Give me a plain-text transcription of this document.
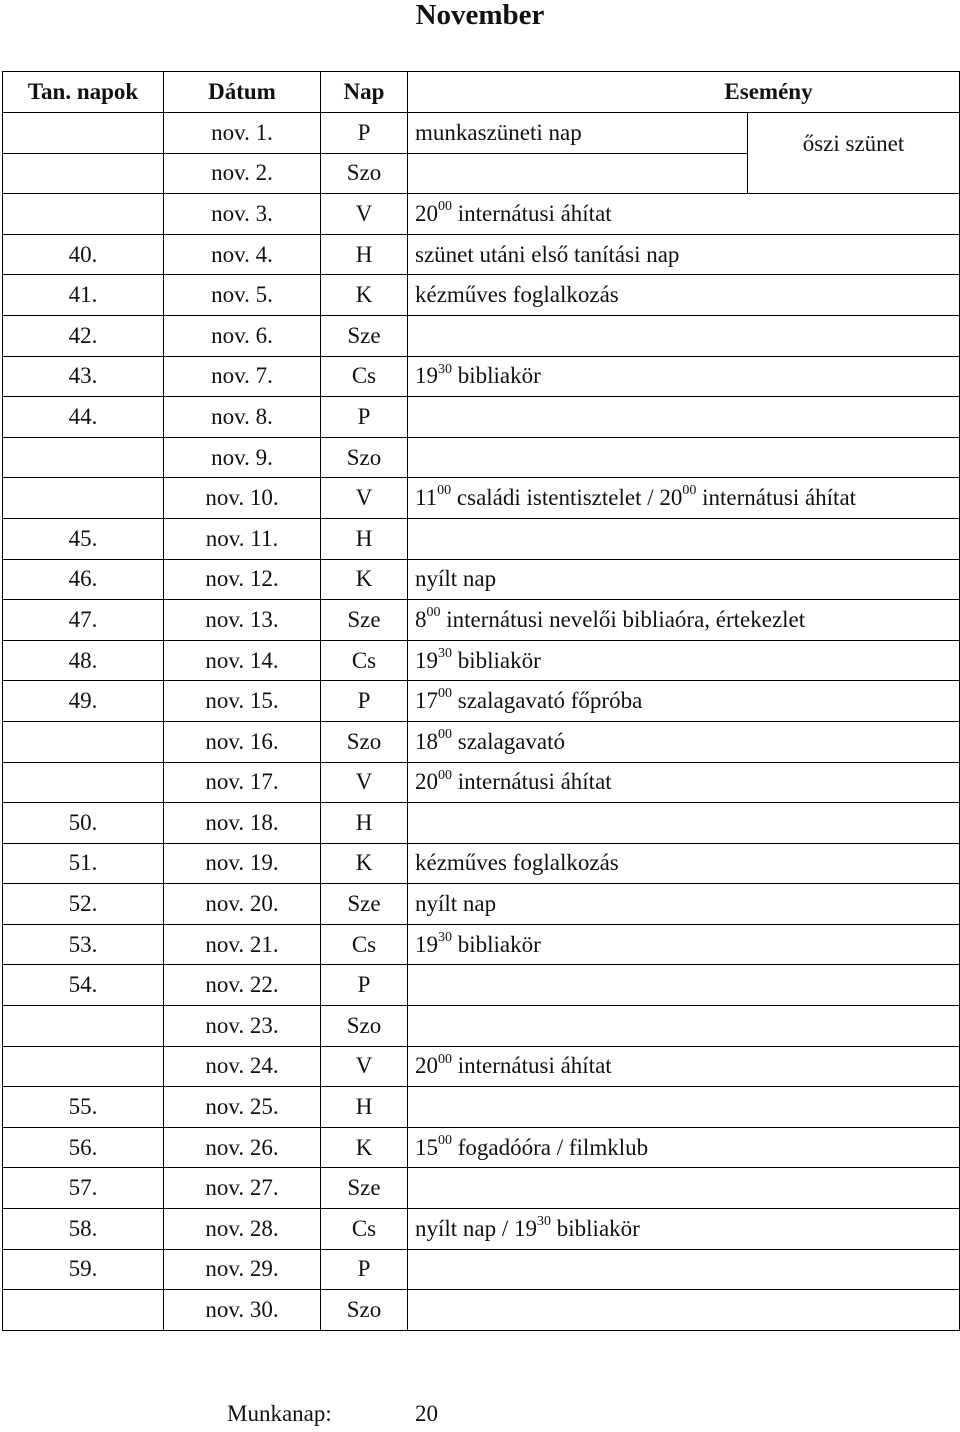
November
Tan. napok	Dátum	Nap	Esemény	
	nov. 1.	P	munkaszüneti nap	őszi szünet
	nov. 2.	Szo		
	nov. 3.	V	$20^{00}$ internátusi áhítat	
40.	nov. 4.	H	szünet utáni első tanítási nap	
41.	nov. 5.	K	kézműves foglalkozás	
42.	nov. 6.	Sze		
43.	nov. 7.	Cs	$19^{30}$ bibliakör	
44.	nov. 8.	P		
	nov. 9.	Szo		
	nov. 10.	V	$11^{00}$ családi istentisztelet / $20^{00}$ internátusi áhítat	
45.	nov. 11.	H		
46.	nov. 12.	K	nyílt nap	
47.	nov. 13.	Sze	$8^{00}$ internátusi nevelői bibliaóra, értekezlet	
48.	nov. 14.	Cs	$19^{30}$ bibliakör	
49.	nov. 15.	P	$17^{00}$ szalagavató főpróba	
	nov. 16.	Szo	$18^{00}$ szalagavató	
	nov. 17.	V	$20^{00}$ internátusi áhítat	
50.	nov. 18.	H		
51.	nov. 19.	K	kézműves foglalkozás	
52.	nov. 20.	Sze	nyílt nap	
53.	nov. 21.	Cs	$19^{30}$ bibliakör	
54.	nov. 22.	P		
	nov. 23.	Szo		
	nov. 24.	V	$20^{00}$ internátusi áhítat	
55.	nov. 25.	H		
56.	nov. 26.	K	$15^{00}$ fogadóóra / filmklub	
57.	nov. 27.	Sze		
58.	nov. 28.	Cs	nyílt nap / $19^{30}$ bibliakör	
59.	nov. 29.	P		
	nov. 30.	Szo		
Munkanap:	20
